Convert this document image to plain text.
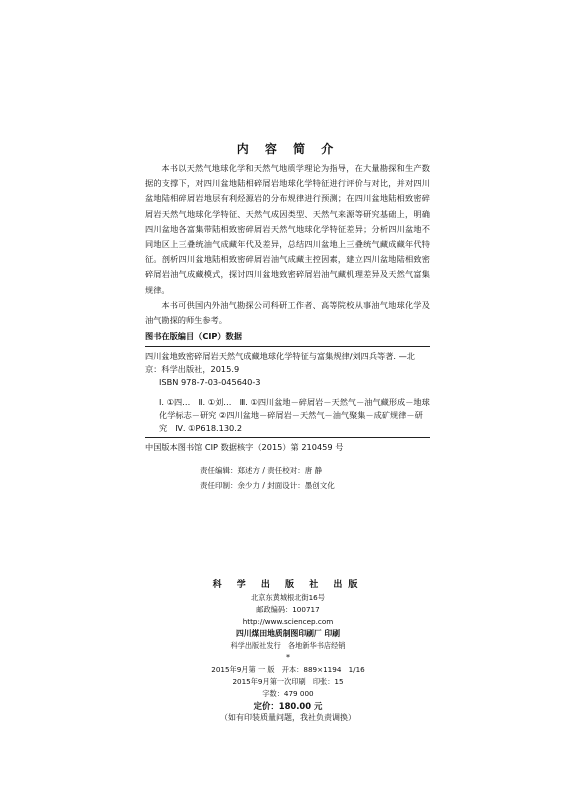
内 容 简 介

本书以天然气地球化学和天然气地质学理论为指导，在大量勘探和生产数据的支撑下，对四川盆地陆相碎屑岩地球化学特征进行评价与对比，并对四川盆地陆相碎屑岩地层有利烃源岩的分布规律进行预测；在四川盆地陆相致密碎屑岩天然气地球化学特征、天然气成因类型、天然气来源等研究基础上，明确四川盆地各富集带陆相致密碎屑岩天然气地球化学特征差异；分析四川盆地不同地区上三叠统油气成藏年代及差异，总结四川盆地上三叠统气藏成藏年代特征。剖析四川盆地陆相致密碎屑岩油气成藏主控因素，建立四川盆地陆相致密碎屑岩油气成藏模式，探讨四川盆地致密碎屑岩油气藏机理差异及天然气富集规律。

本书可供国内外油气勘探公司科研工作者、高等院校从事油气地球化学及油气勘探的师生参考。

图书在版编目（CIP）数据

四川盆地致密碎屑岩天然气成藏地球化学特征与富集规律/刘四兵等著. —北京：科学出版社，2015.9

ISBN 978-7-03-045640-3

Ⅰ. ①四…　Ⅱ. ①刘…　Ⅲ. ①四川盆地－碎屑岩－天然气－油气藏形成－地球化学标志－研究 ②四川盆地－碎屑岩－天然气－油气聚集－成矿规律－研究　Ⅳ. ①P618.130.2

中国版本图书馆 CIP 数据核字（2015）第 210459 号

责任编辑：郑述方 / 责任校对：唐 静
责任印制：余少力 / 封面设计：墨创文化
科 学 出 版 社 出版
北京东黄城根北街16号
邮政编码：100717
http://www.sciencep.com
四川煤田地质制图印刷厂 印刷
科学出版社发行　各地新华书店经销
*
2015年9月第 一 版　开本：889×1194　1/16
2015年9月第一次印刷　印张：15
字数：479 000
定价：180.00 元
（如有印装质量问题，我社负责调换）
